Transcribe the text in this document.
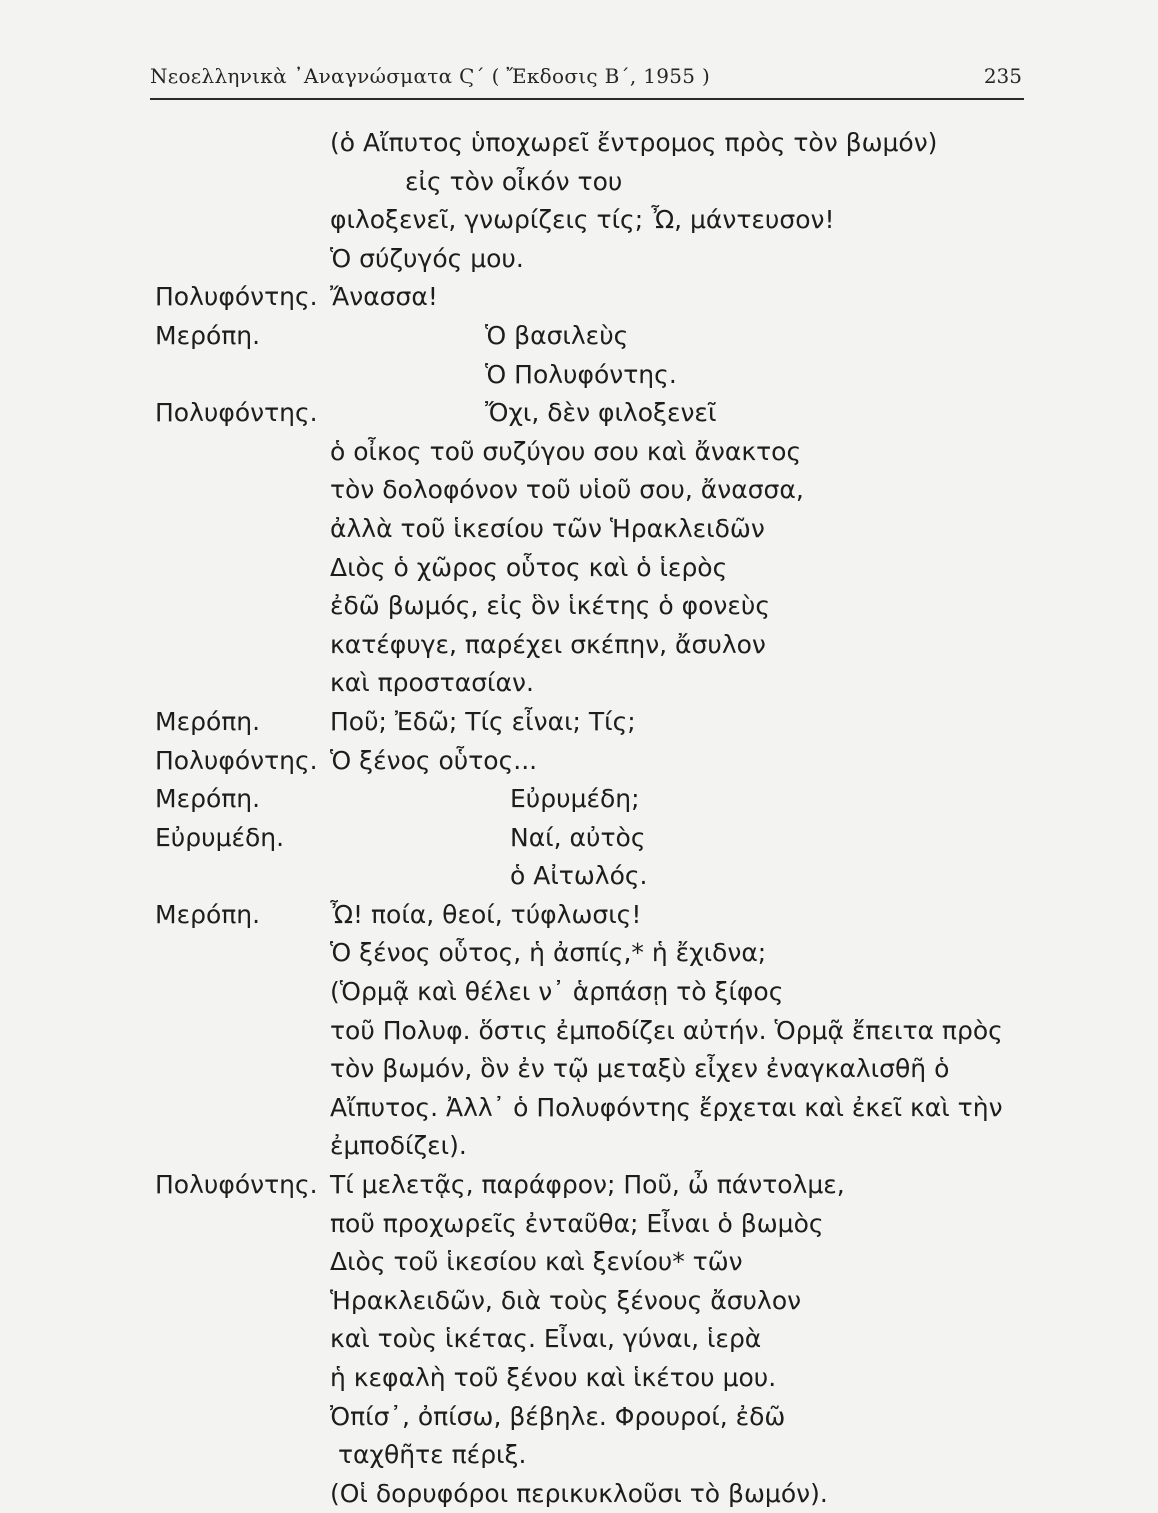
Νεοελληνικὰ ᾿Αναγνώσματα Ϛ΄ ( Ἔκδοσις Β΄, 1955 )	235
(ὁ Αἴπυτος ὑποχωρεῖ ἔντρομος πρὸς τὸν βωμόν)
εἰς τὸν οἶκόν του
φιλοξενεῖ, γνωρίζεις τίς; Ὦ, μάντευσον!
Ὁ σύζυγός μου.
Πολυφόντης. Ἄνασσα!
Μερόπη.	Ὁ βασιλεὺς
Ὁ Πολυφόντης.
Πολυφόντης.	Ὄχι, δὲν φιλοξενεῖ
ὁ οἶκος τοῦ συζύγου σου καὶ ἄνακτος
τὸν δολοφόνον τοῦ υἱοῦ σου, ἄνασσα,
ἀλλὰ τοῦ ἱκεσίου τῶν Ἡρακλειδῶν
Διὸς ὁ χῶρος οὗτος καὶ ὁ ἱερὸς
ἐδῶ βωμός, εἰς ὃν ἱκέτης ὁ φονεὺς
κατέφυγε, παρέχει σκέπην, ἄσυλον
καὶ προστασίαν.
Μερόπη.	Ποῦ; Ἐδῶ; Τίς εἶναι; Τίς;
Πολυφόντης. Ὁ ξένος οὗτος...
Μερόπη.	Εὐρυμέδη;
Εὐρυμέδη.	Ναί, αὐτὸς
ὁ Αἰτωλός.
Μερόπη.	Ὦ! ποία, θεοί, τύφλωσις!
Ὁ ξένος οὗτος, ἡ ἀσπίς,* ἡ ἔχιδνα;
(Ὁρμᾷ καὶ θέλει ν᾿ ἁρπάσῃ τὸ ξίφος
τοῦ Πολυφ. ὅστις ἐμποδίζει αὐτήν. Ὁρμᾷ ἔπειτα πρὸς
τὸν βωμόν, ὃν ἐν τῷ μεταξὺ εἶχεν ἐναγκαλισθῆ ὁ
Αἴπυτος. Ἀλλ᾿ ὁ Πολυφόντης ἔρχεται καὶ ἐκεῖ καὶ τὴν
ἐμποδίζει).
Πολυφόντης. Τί μελετᾷς, παράφρον; Ποῦ, ὦ πάντολμε,
ποῦ προχωρεῖς ἐνταῦθα; Εἶναι ὁ βωμὸς
Διὸς τοῦ ἱκεσίου καὶ ξενίου* τῶν
Ἡρακλειδῶν, διὰ τοὺς ξένους ἄσυλον
καὶ τοὺς ἱκέτας. Εἶναι, γύναι, ἱερὰ
ἡ κεφαλὴ τοῦ ξένου καὶ ἱκέτου μου.
Ὀπίσ᾿, ὀπίσω, βέβηλε. Φρουροί, ἐδῶ
ταχθῆτε πέριξ.
(Οἱ δορυφόροι περικυκλοῦσι τὸ βωμόν).
